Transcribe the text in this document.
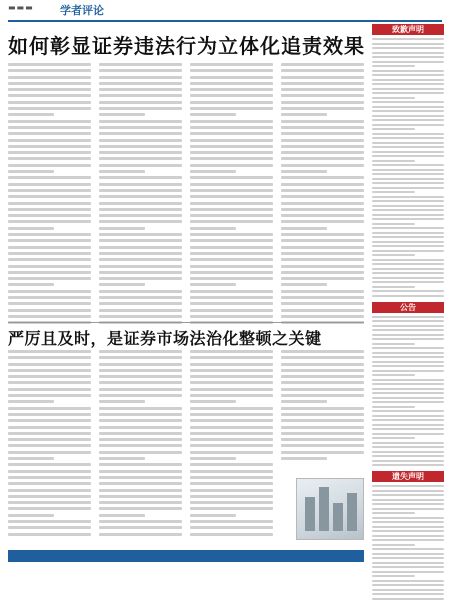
▬▬▬ 学者评论
如何彰显证券违法行为立体化追责效果
严厉且及时，是证券市场法治化整顿之关键
致歉声明
公告
遗失声明
